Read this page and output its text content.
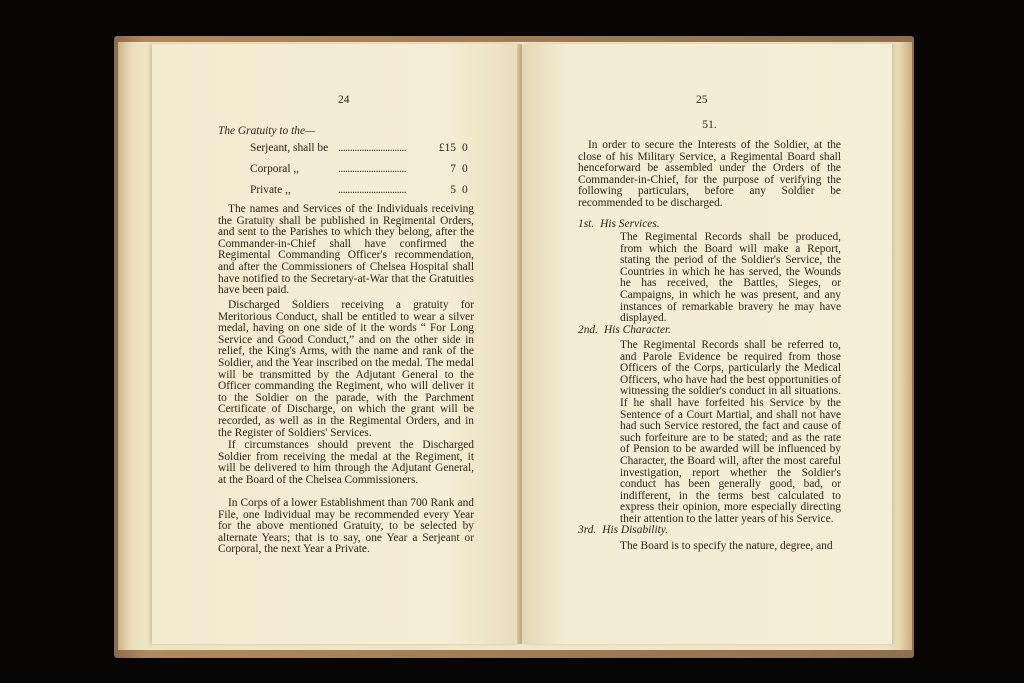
24
The Gratuity to the—
Serjeant, shall be .............................	£15 0
Corporal ,,	.............................	7 0
Private ,,	.............................	5 0

The names and Services of the Individuals receiving the Gratuity shall be published in Regimental Orders, and sent to the Parishes to which they belong, after the Commander-in-Chief shall have confirmed the Regimental Commanding Officer's recommendation, and after the Commissioners of Chelsea Hospital shall have notified to the Secretary-at-War that the Gratuities have been paid.

Discharged Soldiers receiving a gratuity for Meritorious Conduct, shall be entitled to wear a silver medal, having on one side of it the words “ For Long Service and Good Conduct,” and on the other side in relief, the King's Arms, with the name and rank of the Soldier, and the Year inscribed on the medal. The medal will be transmitted by the Adjutant General to the Officer commanding the Regiment, who will deliver it to the Soldier on the parade, with the Parchment Certificate of Discharge, on which the grant will be recorded, as well as in the Regimental Orders, and in the Register of Soldiers' Services.

If circumstances should prevent the Discharged Soldier from receiving the medal at the Regiment, it will be delivered to him through the Adjutant General, at the Board of the Chelsea Commissioners.

In Corps of a lower Establishment than 700 Rank and File, one Individual may be recommended every Year for the above mentioned Gratuity, to be selected by alternate Years; that is to say, one Year a Serjeant or Corporal, the next Year a Private.

25
51.

In order to secure the Interests of the Soldier, at the close of his Military Service, a Regimental Board shall henceforward be assembled under the Orders of the Commander-in-Chief, for the purpose of verifying the following particulars, before any Soldier be recommended to be discharged.

1st. His Services.

The Regimental Records shall be produced, from which the Board will make a Report, stating the period of the Soldier's Service, the Countries in which he has served, the Wounds he has received, the Battles, Sieges, or Campaigns, in which he was present, and any instances of remarkable bravery he may have displayed.

2nd. His Character.

The Regimental Records shall be referred to, and Parole Evidence be required from those Officers of the Corps, particularly the Medical Officers, who have had the best opportunities of witnessing the soldier's conduct in all situations. If he shall have forfeited his Service by the Sentence of a Court Martial, and shall not have had such Service restored, the fact and cause of such forfeiture are to be stated; and as the rate of Pension to be awarded will be influenced by Character, the Board will, after the most careful investigation, report whether the Soldier's conduct has been generally good, bad, or indifferent, in the terms best calculated to express their opinion, more especially directing their attention to the latter years of his Service.

3rd. His Disability.

The Board is to specify the nature, degree, and
